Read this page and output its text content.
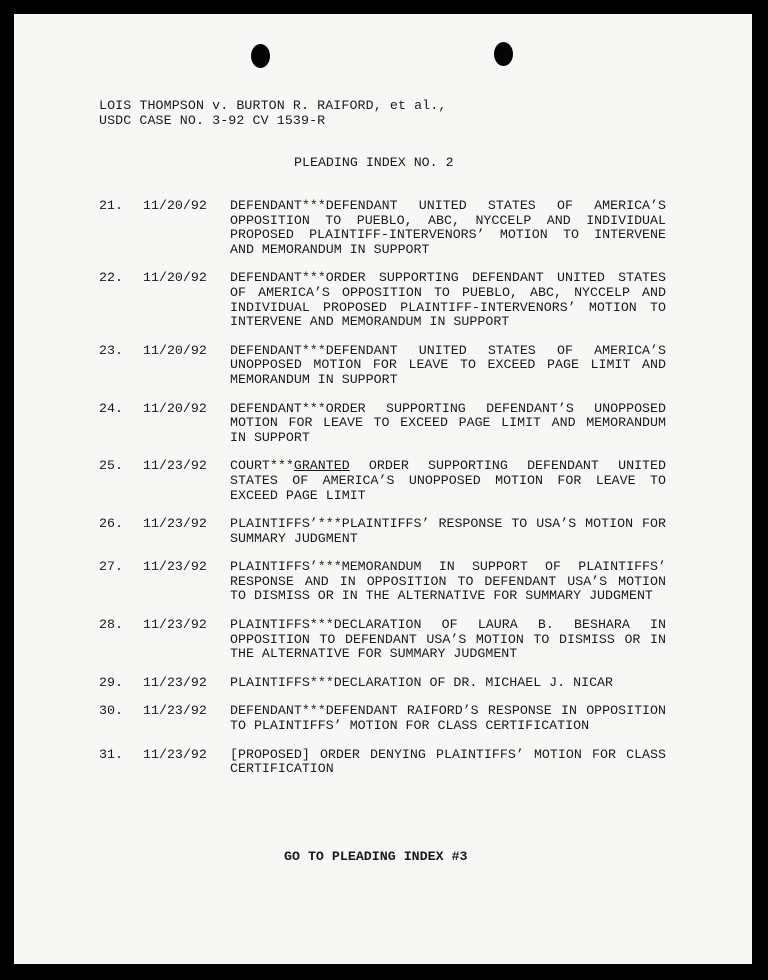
LOIS THOMPSON v. BURTON R. RAIFORD, et al.,
USDC CASE NO. 3-92 CV 1539-R
PLEADING INDEX NO. 2
21.	11/20/92	DEFENDANT***DEFENDANT UNITED STATES OF AMERICA’S OPPOSITION TO PUEBLO, ABC, NYCCELP AND INDIVIDUAL PROPOSED PLAINTIFF-INTERVENORS’ MOTION TO INTERVENE AND MEMORANDUM IN SUPPORT
22.	11/20/92	DEFENDANT***ORDER SUPPORTING DEFENDANT UNITED STATES OF AMERICA’S OPPOSITION TO PUEBLO, ABC, NYCCELP AND INDIVIDUAL PROPOSED PLAINTIFF-INTERVENORS’ MOTION TO INTERVENE AND MEMORANDUM IN SUPPORT
23.	11/20/92	DEFENDANT***DEFENDANT UNITED STATES OF AMERICA’S UNOPPOSED MOTION FOR LEAVE TO EXCEED PAGE LIMIT AND MEMORANDUM IN SUPPORT
24.	11/20/92	DEFENDANT***ORDER SUPPORTING DEFENDANT’S UNOPPOSED MOTION FOR LEAVE TO EXCEED PAGE LIMIT AND MEMORANDUM IN SUPPORT
25.	11/23/92	COURT***GRANTED ORDER SUPPORTING DEFENDANT UNITED STATES OF AMERICA’S UNOPPOSED MOTION FOR LEAVE TO EXCEED PAGE LIMIT
26.	11/23/92	PLAINTIFFS’***PLAINTIFFS’ RESPONSE TO USA’S MOTION FOR SUMMARY JUDGMENT
27.	11/23/92	PLAINTIFFS’***MEMORANDUM IN SUPPORT OF PLAINTIFFS’ RESPONSE AND IN OPPOSITION TO DEFENDANT USA’S MOTION TO DISMISS OR IN THE ALTERNATIVE FOR SUMMARY JUDGMENT
28.	11/23/92	PLAINTIFFS***DECLARATION OF LAURA B. BESHARA IN OPPOSITION TO DEFENDANT USA’S MOTION TO DISMISS OR IN THE ALTERNATIVE FOR SUMMARY JUDGMENT
29.	11/23/92	PLAINTIFFS***DECLARATION OF DR. MICHAEL J. NICAR
30.	11/23/92	DEFENDANT***DEFENDANT RAIFORD’S RESPONSE IN OPPOSITION TO PLAINTIFFS’ MOTION FOR CLASS CERTIFICATION
31.	11/23/92	[PROPOSED] ORDER DENYING PLAINTIFFS’ MOTION FOR CLASS CERTIFICATION
GO TO PLEADING INDEX #3
